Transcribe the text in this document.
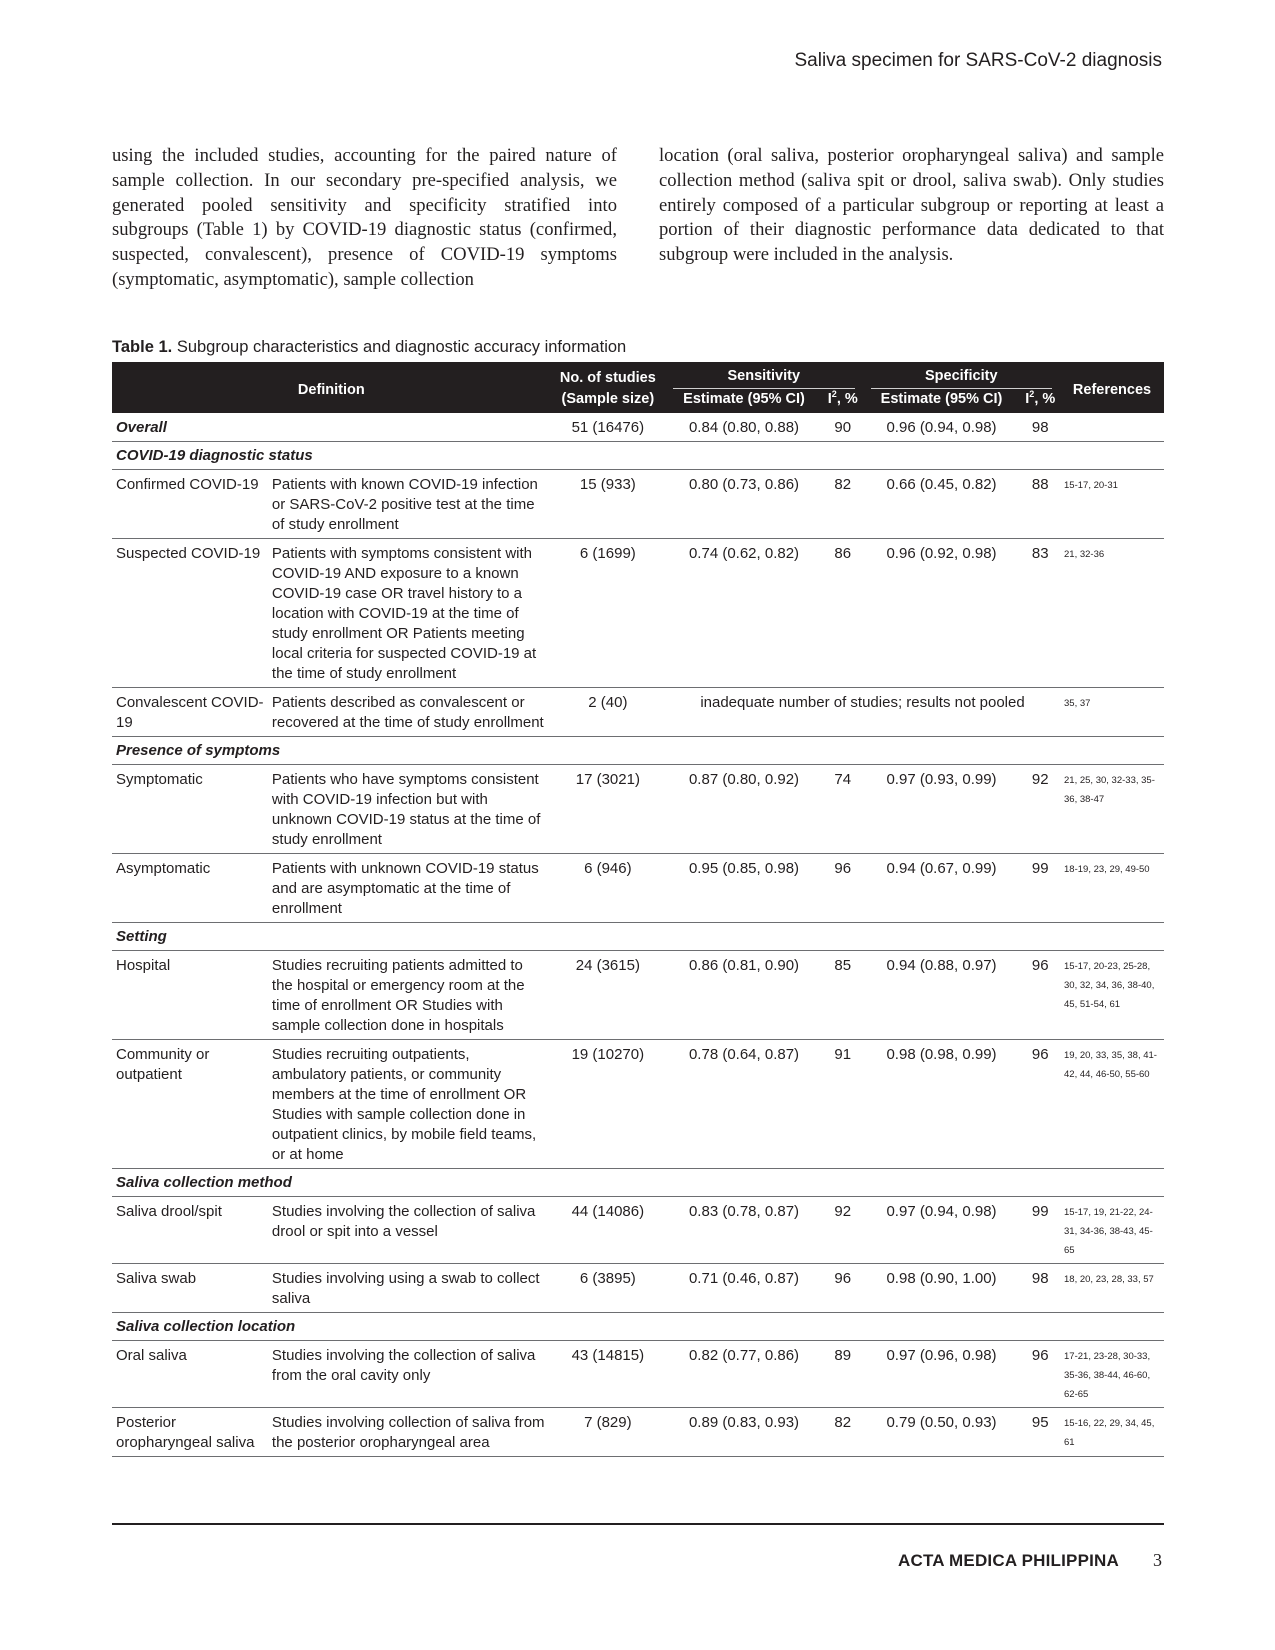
Saliva specimen for SARS-CoV-2 diagnosis

using the included studies, accounting for the paired nature of sample collection. In our secondary pre-specified analysis, we generated pooled sensitivity and specificity stratified into subgroups (Table 1) by COVID-19 diagnostic status (confirmed, suspected, convalescent), presence of COVID-19 symptoms (symptomatic, asymptomatic), sample collection

location (oral saliva, posterior oropharyngeal saliva) and sample collection method (saliva spit or drool, saliva swab). Only studies entirely composed of a particular subgroup or reporting at least a portion of their diagnostic performance data dedicated to that subgroup were included in the analysis.

Table 1. Subgroup characteristics and diagnostic accuracy information
Definition		No. of studies	Sensitivity		Specificity		References
		(Sample size)	Estimate (95% CI)	$I^2$, %	Estimate (95% CI)	$I^2$, %	
Overall		51 (16476)	0.84 (0.80, 0.88)	90	0.96 (0.94, 0.98)	98	
COVID-19 diagnostic status							
Confirmed COVID-19	Patients with known COVID-19 infection or SARS-CoV-2 positive test at the time of study enrollment	15 (933)	0.80 (0.73, 0.86)	82	0.66 (0.45, 0.82)	88	15-17, 20-31
Suspected COVID-19	Patients with symptoms consistent with COVID-19 AND exposure to a known COVID-19 case OR travel history to a location with COVID-19 at the time of study enrollment OR Patients meeting local criteria for suspected COVID-19 at the time of study enrollment	6 (1699)	0.74 (0.62, 0.82)	86	0.96 (0.92, 0.98)	83	21, 32-36
Convalescent COVID-19	Patients described as convalescent or recovered at the time of study enrollment	2 (40)	inadequate number of studies; results not pooled				35, 37
Presence of symptoms							
Symptomatic	Patients who have symptoms consistent with COVID-19 infection but with unknown COVID-19 status at the time of study enrollment	17 (3021)	0.87 (0.80, 0.92)	74	0.97 (0.93, 0.99)	92	21, 25, 30, 32-33, 35-36, 38-47
Asymptomatic	Patients with unknown COVID-19 status and are asymptomatic at the time of enrollment	6 (946)	0.95 (0.85, 0.98)	96	0.94 (0.67, 0.99)	99	18-19, 23, 29, 49-50
Setting							
Hospital	Studies recruiting patients admitted to the hospital or emergency room at the time of enrollment OR Studies with sample collection done in hospitals	24 (3615)	0.86 (0.81, 0.90)	85	0.94 (0.88, 0.97)	96	15-17, 20-23, 25-28, 30, 32, 34, 36, 38-40, 45, 51-54, 61
Community or outpatient	Studies recruiting outpatients, ambulatory patients, or community members at the time of enrollment OR Studies with sample collection done in outpatient clinics, by mobile field teams, or at home	19 (10270)	0.78 (0.64, 0.87)	91	0.98 (0.98, 0.99)	96	19, 20, 33, 35, 38, 41-42, 44, 46-50, 55-60
Saliva collection method							
Saliva drool/spit	Studies involving the collection of saliva drool or spit into a vessel	44 (14086)	0.83 (0.78, 0.87)	92	0.97 (0.94, 0.98)	99	15-17, 19, 21-22, 24-31, 34-36, 38-43, 45-65
Saliva swab	Studies involving using a swab to collect saliva	6 (3895)	0.71 (0.46, 0.87)	96	0.98 (0.90, 1.00)	98	18, 20, 23, 28, 33, 57
Saliva collection location							
Oral saliva	Studies involving the collection of saliva from the oral cavity only	43 (14815)	0.82 (0.77, 0.86)	89	0.97 (0.96, 0.98)	96	17-21, 23-28, 30-33, 35-36, 38-44, 46-60, 62-65
Posterior oropharyngeal saliva	Studies involving collection of saliva from the posterior oropharyngeal area	7 (829)	0.89 (0.83, 0.93)	82	0.79 (0.50, 0.93)	95	15-16, 22, 29, 34, 45, 61
ACTA MEDICA PHILIPPINA 3
